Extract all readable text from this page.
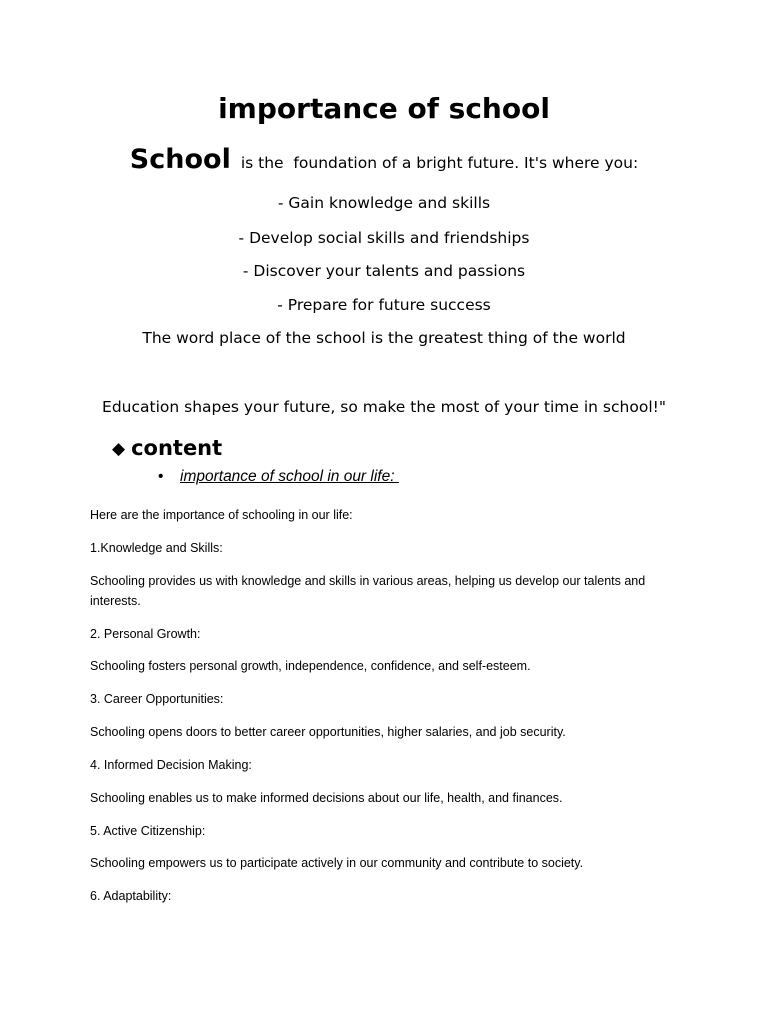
importance of school
School is the  foundation of a bright future. It's where you:
- Gain knowledge and skills
- Develop social skills and friendships
- Discover your talents and passions
- Prepare for future success
The word place of the school is the greatest thing of the world
Education shapes your future, so make the most of your time in school!"
◆ content
• importance of school in our life:
Here are the importance of schooling in our life:
1.Knowledge and Skills:
Schooling provides us with knowledge and skills in various areas, helping us develop our talents and interests.
2. Personal Growth:
Schooling fosters personal growth, independence, confidence, and self-esteem.
3. Career Opportunities:
Schooling opens doors to better career opportunities, higher salaries, and job security.
4. Informed Decision Making:
Schooling enables us to make informed decisions about our life, health, and finances.
5. Active Citizenship:
Schooling empowers us to participate actively in our community and contribute to society.
6. Adaptability:
